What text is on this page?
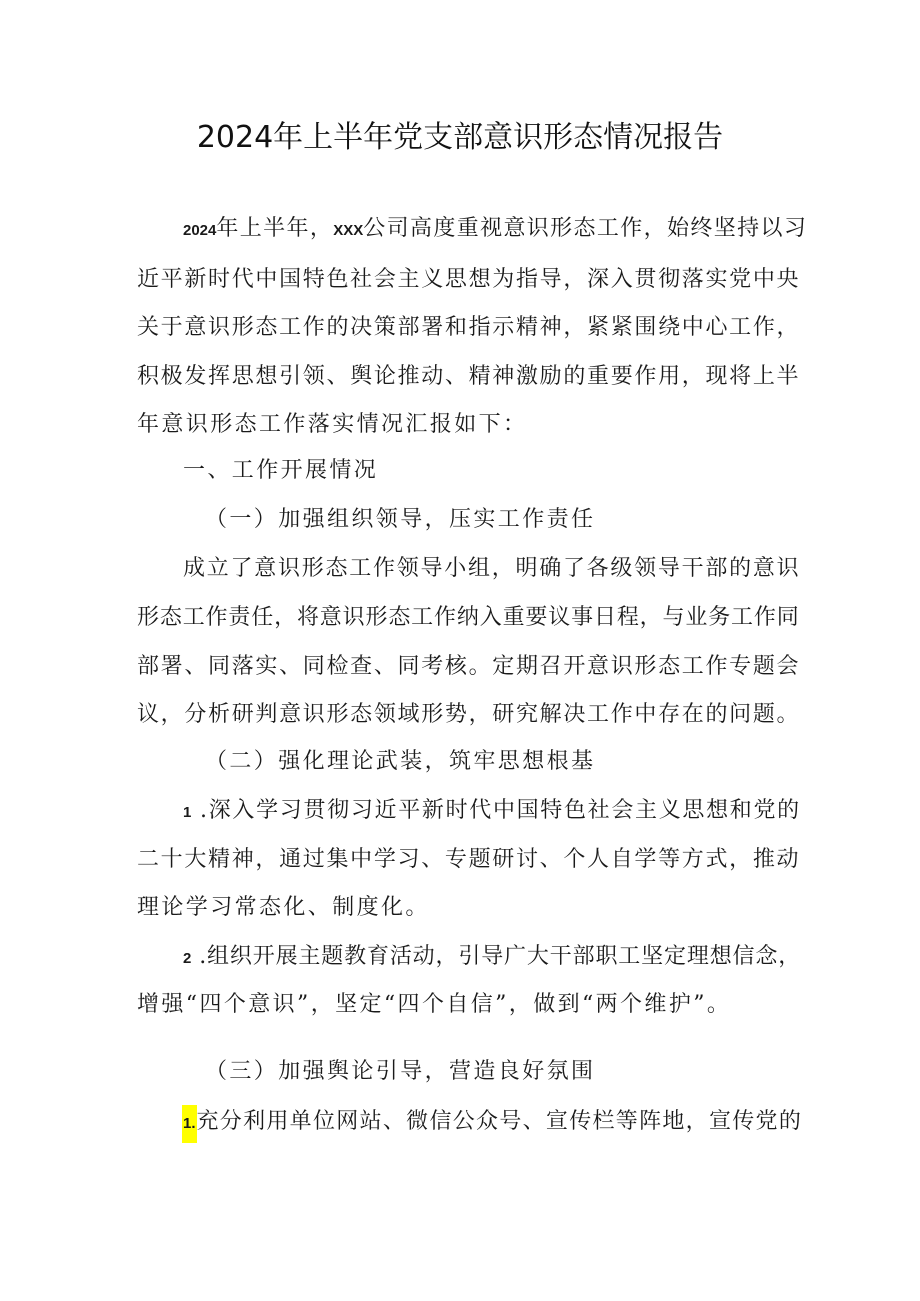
2024年上半年党支部意识形态情况报告
2024年上半年，XXX公司高度重视意识形态工作，始终坚持以习
近平新时代中国特色社会主义思想为指导，深入贯彻落实党中央
关于意识形态工作的决策部署和指示精神，紧紧围绕中心工作，
积极发挥思想引领、舆论推动、精神激励的重要作用，现将上半
年意识形态工作落实情况汇报如下：
一、工作开展情况
（一）加强组织领导，压实工作责任
成立了意识形态工作领导小组，明确了各级领导干部的意识
形态工作责任，将意识形态工作纳入重要议事日程，与业务工作同
部署、同落实、同检查、同考核。定期召开意识形态工作专题会
议，分析研判意识形态领域形势，研究解决工作中存在的问题。
（二）强化理论武装，筑牢思想根基
1 .深入学习贯彻习近平新时代中国特色社会主义思想和党的
二十大精神，通过集中学习、专题研讨、个人自学等方式，推动
理论学习常态化、制度化。
2 .组织开展主题教育活动，引导广大干部职工坚定理想信念，
增强“四个意识”，坚定“四个自信”，做到“两个维护”。
（三）加强舆论引导，营造良好氛围
1.充分利用单位网站、微信公众号、宣传栏等阵地，宣传党的
